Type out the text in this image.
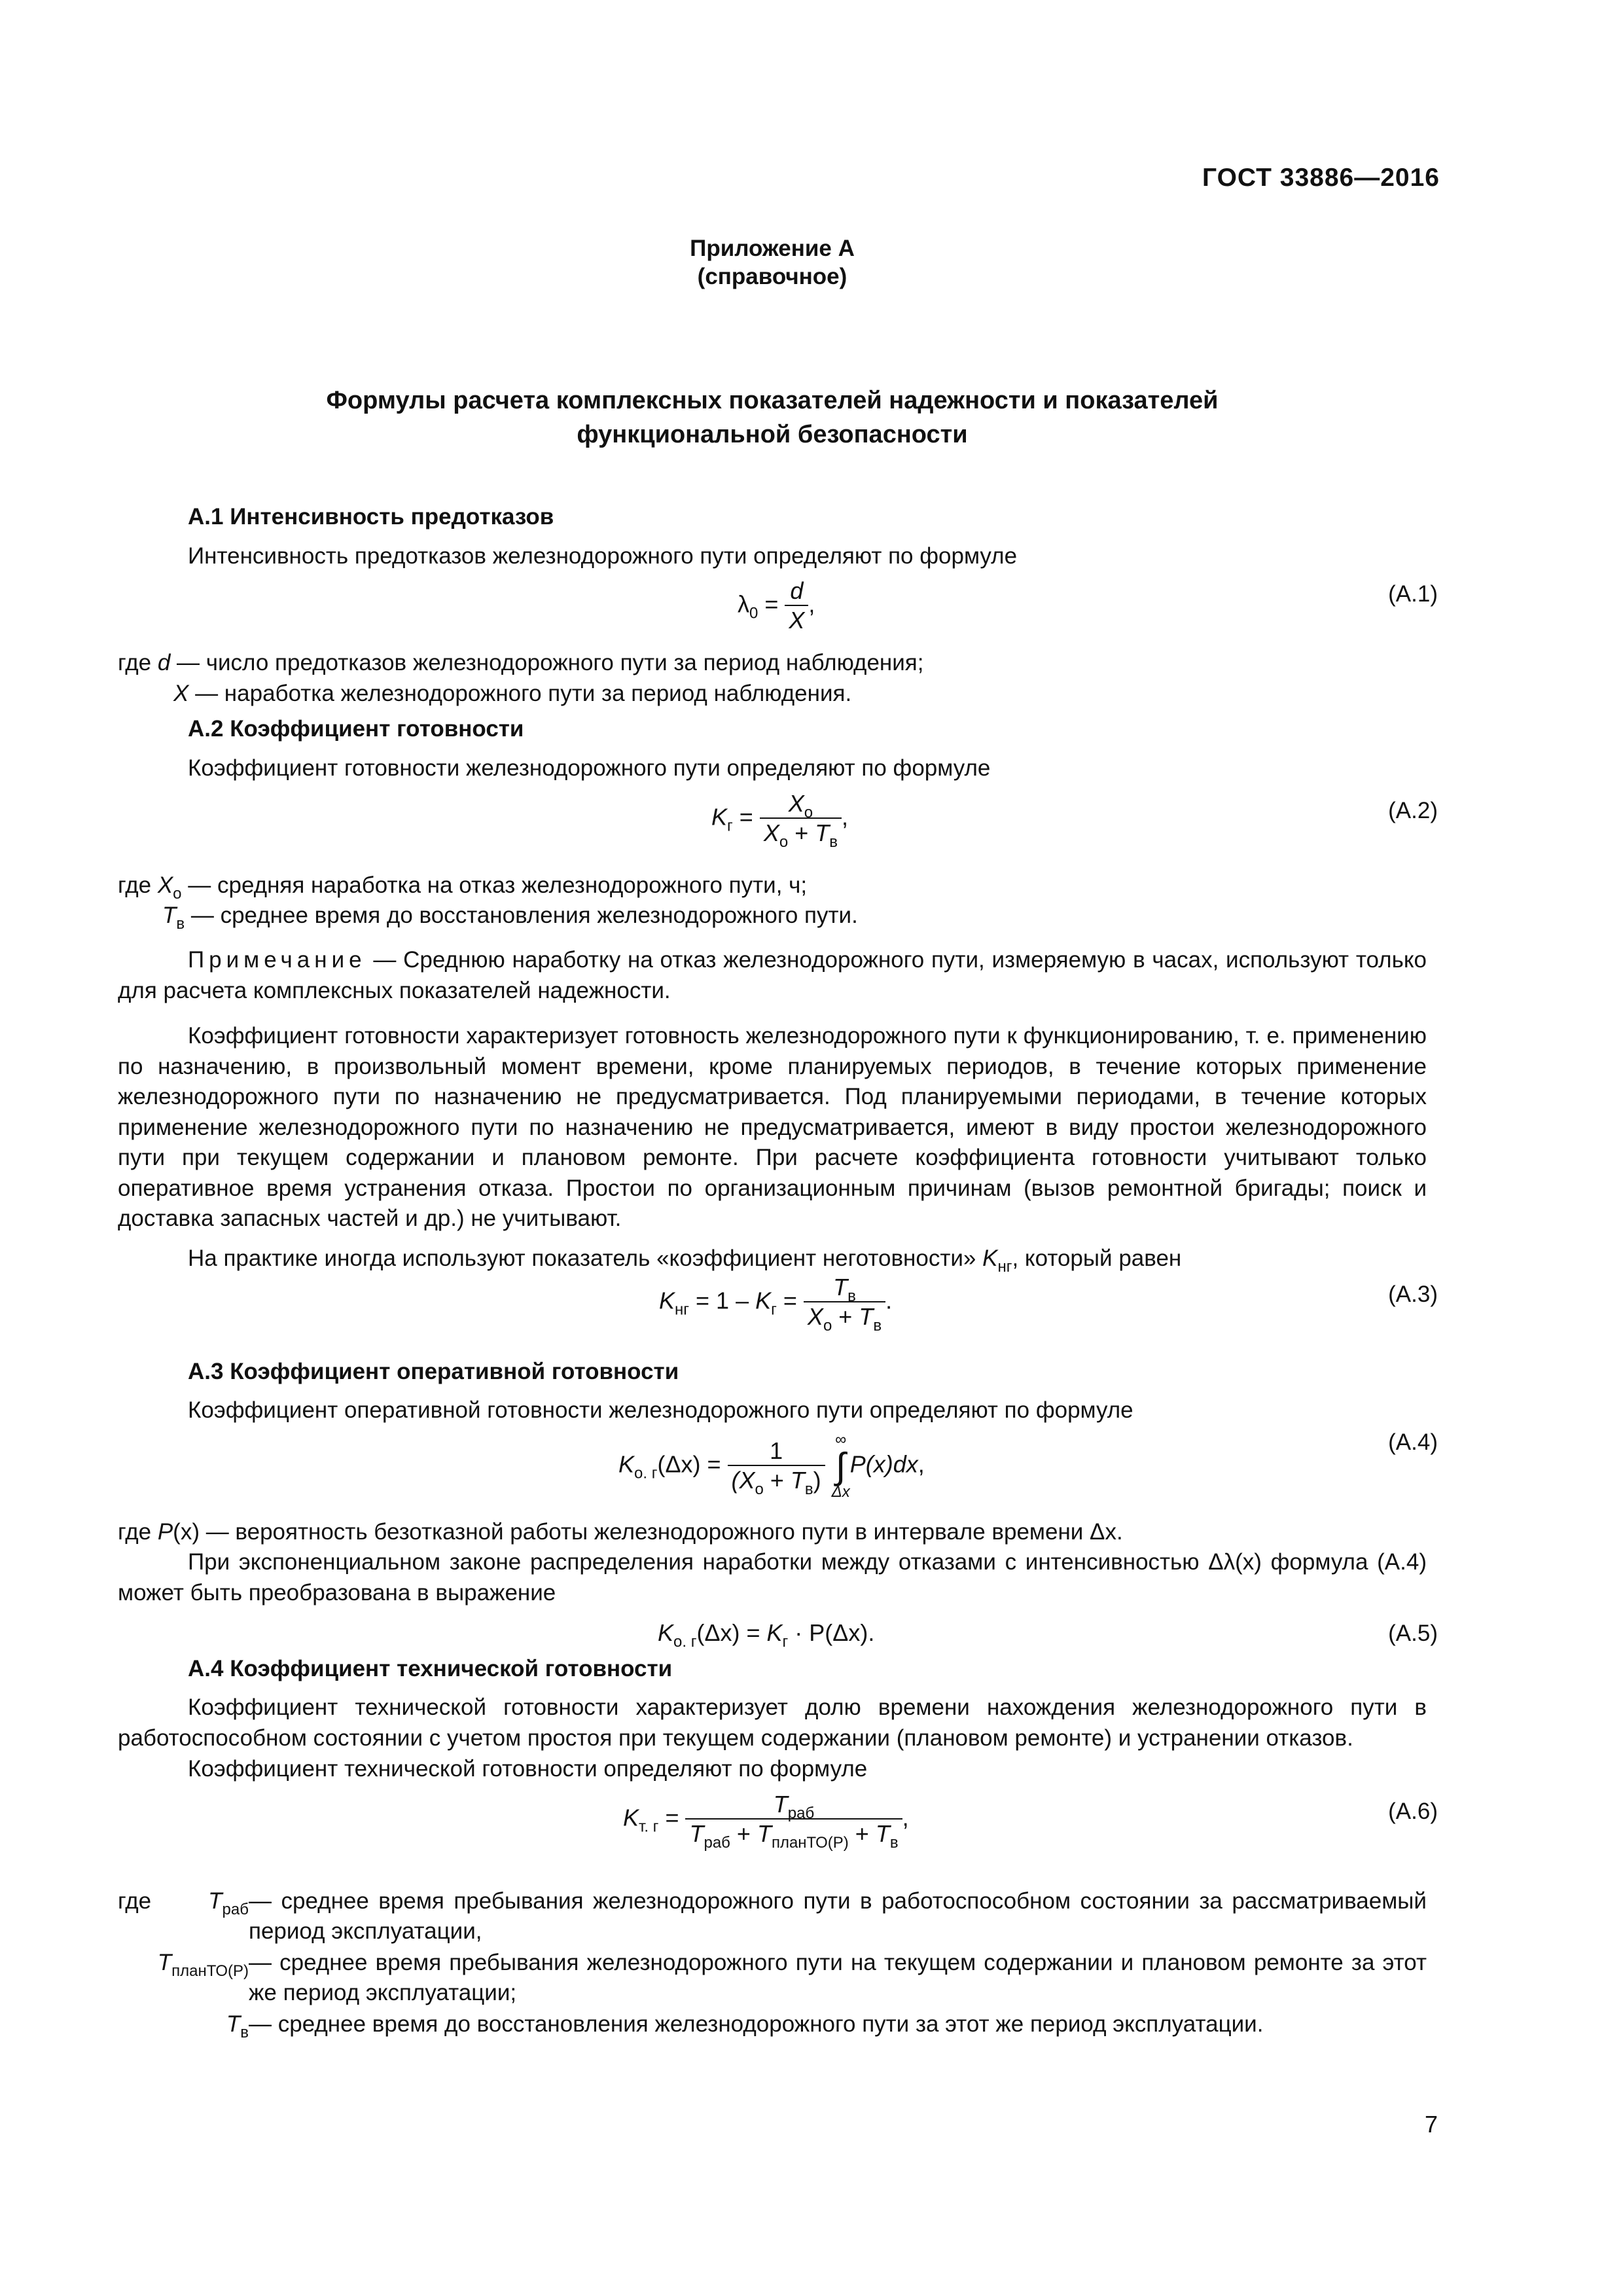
ГОСТ 33886—2016
Приложение А
(справочное)
Формулы расчета комплексных показателей надежности и показателей
функциональной безопасности
А.1 Интенсивность предотказов
Интенсивность предотказов железнодорожного пути определяют по формуле
$\lambda_0 = \frac{d}{X}$ ,	(А.1)
где d — число предотказов железнодорожного пути за период наблюдения;
X — наработка железнодорожного пути за период наблюдения.
А.2 Коэффициент готовности
Коэффициент готовности железнодорожного пути определяют по формуле
$K_г = \frac{X_о}{X_о + T_в}$ ,	(А.2)
где $X_о$ — средняя наработка на отказ железнодорожного пути, ч;
$T_в$ — среднее время до восстановления железнодорожного пути.
Примечание — Среднюю наработку на отказ железнодорожного пути, измеряемую в часах, используют только для расчета комплексных показателей надежности.
Коэффициент готовности характеризует готовность железнодорожного пути к функционированию, т. е. применению по назначению, в произвольный момент времени, кроме планируемых периодов, в течение которых применение железнодорожного пути по назначению не предусматривается. Под планируемыми периодами, в течение которых применение железнодорожного пути по назначению не предусматривается, имеют в виду простои железнодорожного пути при текущем содержании и плановом ремонте. При расчете коэффициента готовности учитывают только оперативное время устранения отказа. Простои по организационным причинам (вызов ремонтной бригады; поиск и доставка запасных частей и др.) не учитывают.
На практике иногда используют показатель «коэффициент неготовности» $K_{нг}$, который равен
$K_{нг} = 1 - K_г = \frac{T_в}{X_о + T_в}$ .	(А.3)
А.3 Коэффициент оперативной готовности
Коэффициент оперативной готовности железнодорожного пути определяют по формуле
$K_{о. г}(\Delta x) = \frac{1}{(X_о + T_в)}$
∞
∫
Δx
P(x)dx,
(А.4)
где P(x) — вероятность безотказной работы железнодорожного пути в интервале времени Δx.
При экспоненциальном законе распределения наработки между отказами с интенсивностью Δλ(x) формула (А.4) может быть преобразована в выражение
$K_{о. г}(\Delta x) = K_г \cdot P(\Delta x)$.	(А.5)
А.4 Коэффициент технической готовности
Коэффициент технической готовности характеризует долю времени нахождения железнодорожного пути в работоспособном состоянии с учетом простоя при текущем содержании (плановом ремонте) и устранении отказов.
Коэффициент технической готовности определяют по формуле
$K_{т. г} = \frac{T_{раб}}{T_{раб} + T_{планТО(Р)} + T_в}$ ,	(А.6)
где	$T_{раб}$ — среднее время пребывания железнодорожного пути в работоспособном состоянии за рассматриваемый период эксплуатации,
$T_{планТО(Р)}$ — среднее время пребывания железнодорожного пути на текущем содержании и плановом ремонте за этот же период эксплуатации;
$T_в$ — среднее время до восстановления железнодорожного пути за этот же период эксплуатации.
7
